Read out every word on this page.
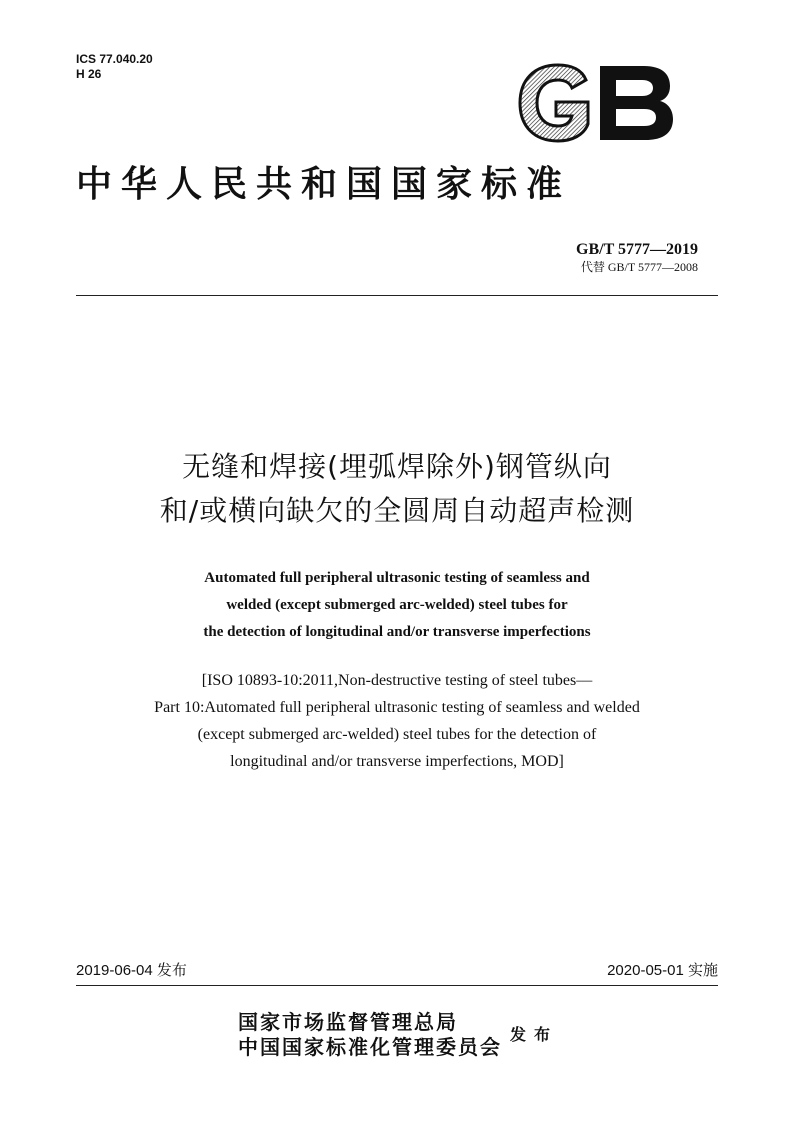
ICS 77.040.20
H 26
中华人民共和国国家标准
GB/T 5777—2019
代替 GB/T 5777—2008
无缝和焊接(埋弧焊除外)钢管纵向
和/或横向缺欠的全圆周自动超声检测
Automated full peripheral ultrasonic testing of seamless and
welded (except submerged arc-welded) steel tubes for
the detection of longitudinal and/or transverse imperfections
[ISO 10893-10:2011,Non-destructive testing of steel tubes—
Part 10:Automated full peripheral ultrasonic testing of seamless and welded
(except submerged arc-welded) steel tubes for the detection of
longitudinal and/or transverse imperfections, MOD]
2019-06-04 发布	2020-05-01 实施
国家市场监督管理总局
中国国家标准化管理委员会
发布
